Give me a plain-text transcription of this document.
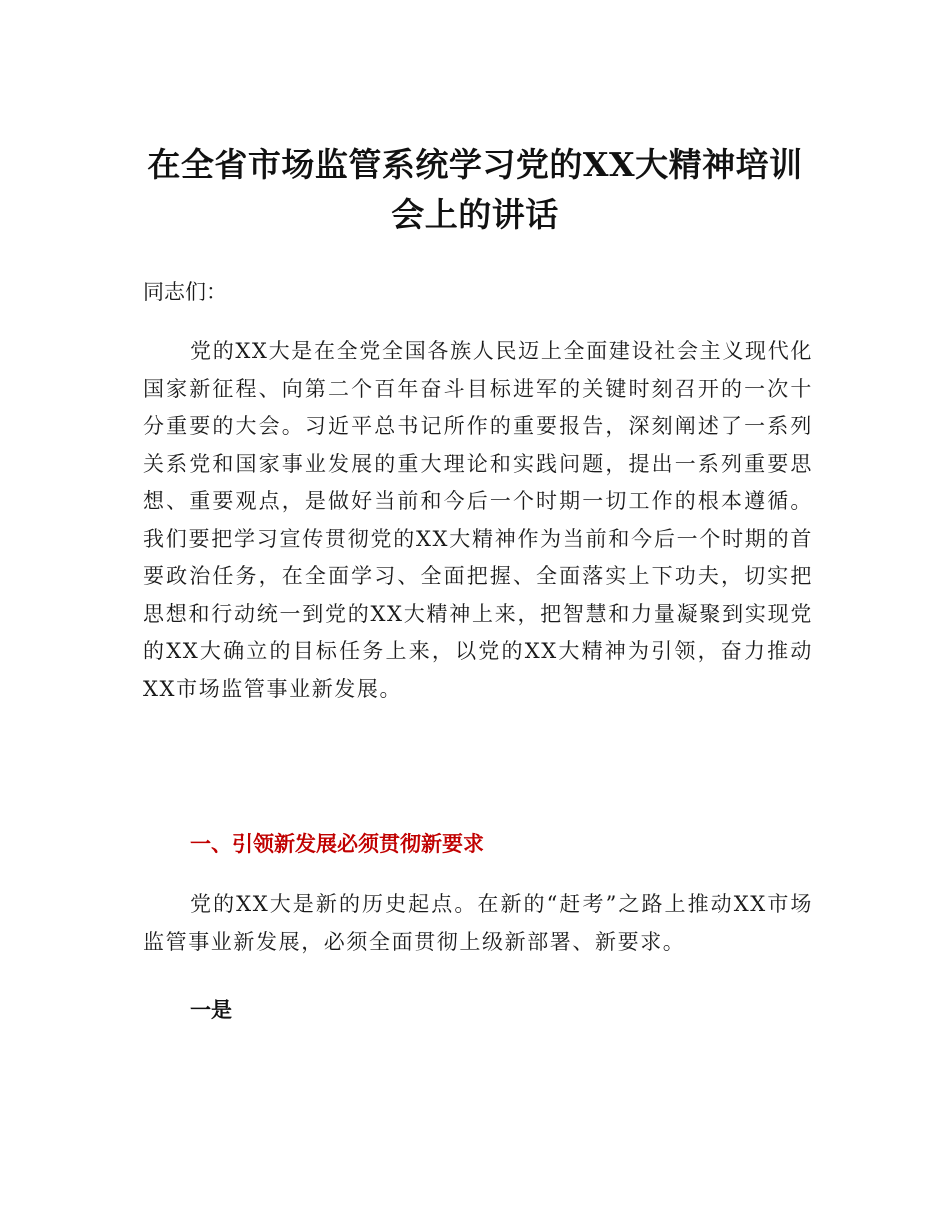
在全省市场监管系统学习党的XX大精神培训会上的讲话

同志们：

党的XX大是在全党全国各族人民迈上全面建设社会主义现代化国家新征程、向第二个百年奋斗目标进军的关键时刻召开的一次十分重要的大会。习近平总书记所作的重要报告，深刻阐述了一系列关系党和国家事业发展的重大理论和实践问题，提出一系列重要思想、重要观点，是做好当前和今后一个时期一切工作的根本遵循。我们要把学习宣传贯彻党的XX大精神作为当前和今后一个时期的首要政治任务，在全面学习、全面把握、全面落实上下功夫，切实把思想和行动统一到党的XX大精神上来，把智慧和力量凝聚到实现党的XX大确立的目标任务上来，以党的XX大精神为引领，奋力推动XX市场监管事业新发展。

一、引领新发展必须贯彻新要求

党的XX大是新的历史起点。在新的“赶考”之路上推动XX市场监管事业新发展，必须全面贯彻上级新部署、新要求。

一是
